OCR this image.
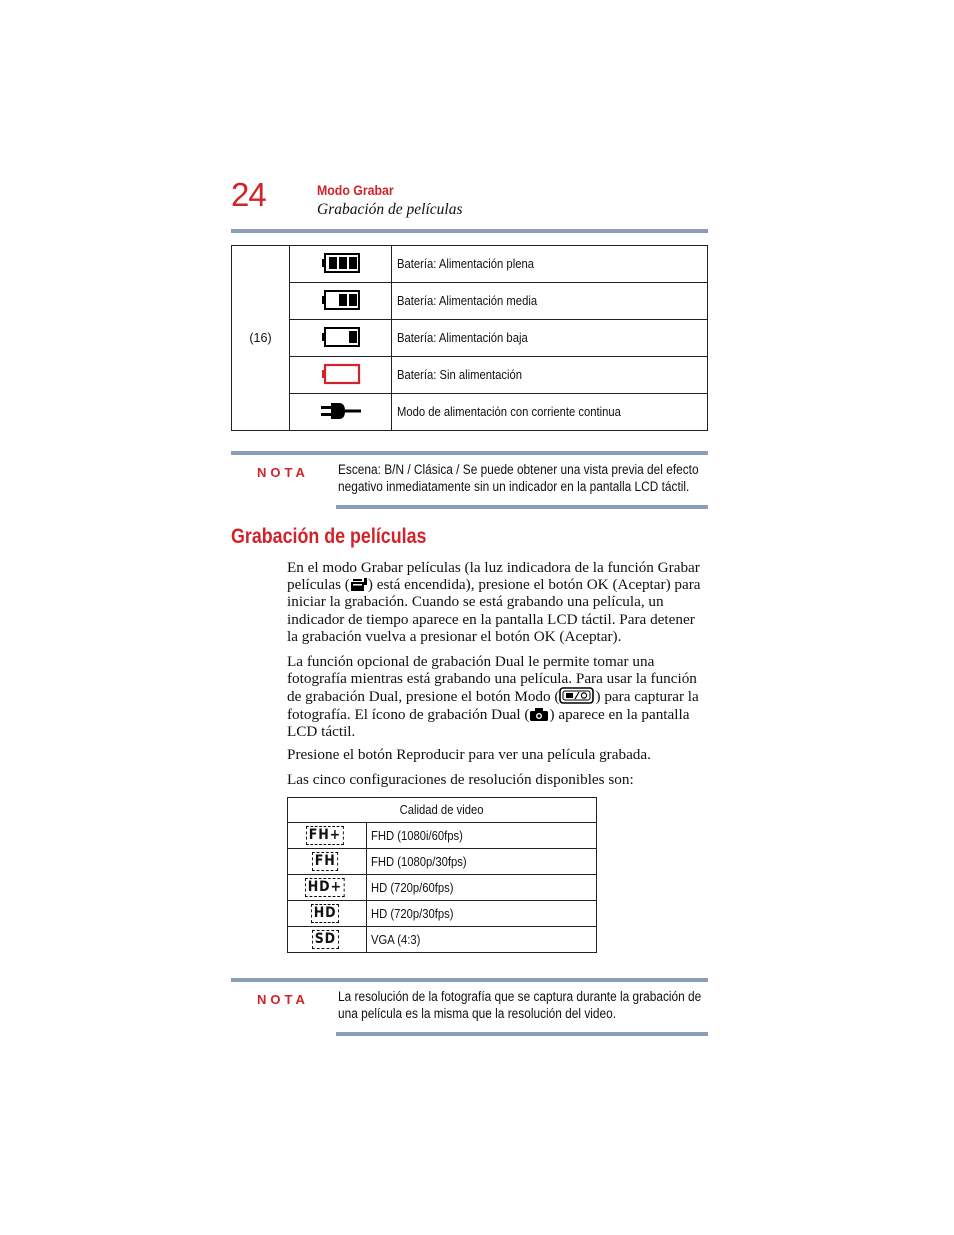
24	Modo Grabar
Grabación de películas
(16)		Batería: Alimentación plena
	Batería: Alimentación media
	Batería: Alimentación baja
	Batería: Sin alimentación
	Modo de alimentación con corriente continua
NOTA Escena: B/N / Clásica / Se puede obtener una vista previa del efecto negativo inmediatamente sin un indicador en la pantalla LCD táctil.
Grabación de películas
En el modo Grabar películas (la luz indicadora de la función Grabar películas ( ) está encendida), presione el botón OK (Aceptar) para iniciar la grabación. Cuando se está grabando una película, un indicador de tiempo aparece en la pantalla LCD táctil. Para detener la grabación vuelva a presionar el botón OK (Aceptar).
La función opcional de grabación Dual le permite tomar una fotografía mientras está grabando una película. Para usar la función de grabación Dual, presione el botón Modo ( ) para capturar la fotografía. El ícono de grabación Dual ( ) aparece en la pantalla LCD táctil.
Presione el botón Reproducir para ver una película grabada.
Las cinco configuraciones de resolución disponibles son:
Calidad de video	
FH+	FHD (1080i/60fps)
FH	FHD (1080p/30fps)
HD+	HD (720p/60fps)
HD	HD (720p/30fps)
SD	VGA (4:3)
NOTA La resolución de la fotografía que se captura durante la grabación de una película es la misma que la resolución del video.
